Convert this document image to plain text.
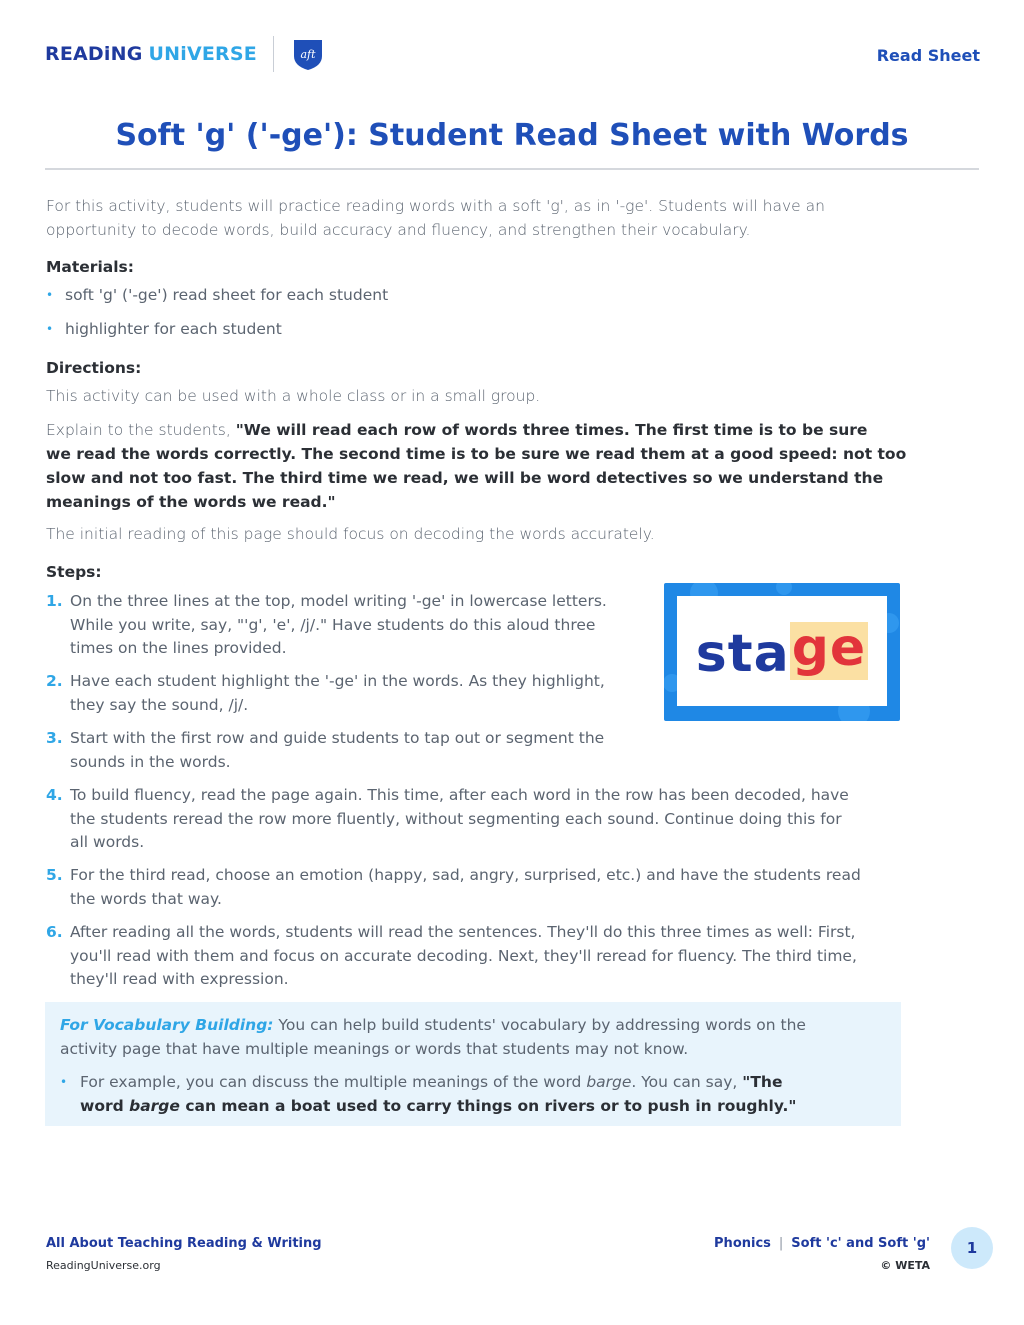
READiNG UNiVERSE	aft	Read Sheet
Soft 'g' ('-ge'): Student Read Sheet with Words
For this activity, students will practice reading words with a soft 'g', as in '-ge'. Students will have an
opportunity to decode words, build accuracy and fluency, and strengthen their vocabulary.
Materials:
• soft 'g' ('-ge') read sheet for each student
• highlighter for each student
Directions:
This activity can be used with a whole class or in a small group.
Explain to the students, "We will read each row of words three times. The first time is to be sure
we read the words correctly. The second time is to be sure we read them at a good speed: not too
slow and not too fast. The third time we read, we will be word detectives so we understand the
meanings of the words we read."
The initial reading of this page should focus on decoding the words accurately.
Steps:
1. On the three lines at the top, model writing '-ge' in lowercase letters.
While you write, say, "'g', 'e', /j/." Have students do this aloud three
times on the lines provided.
2. Have each student highlight the '-ge' in the words. As they highlight,
they say the sound, /j/.
3. Start with the first row and guide students to tap out or segment the
sounds in the words.
4. To build fluency, read the page again. This time, after each word in the row has been decoded, have
the students reread the row more fluently, without segmenting each sound. Continue doing this for
all words.
5. For the third read, choose an emotion (happy, sad, angry, surprised, etc.) and have the students read
the words that way.
6. After reading all the words, students will read the sentences. They'll do this three times as well: First,
you'll read with them and focus on accurate decoding. Next, they'll reread for fluency. The third time,
they'll read with expression.
sta ge
For Vocabulary Building: You can help build students' vocabulary by addressing words on the
activity page that have multiple meanings or words that students may not know.
• For example, you can discuss the multiple meanings of the word barge. You can say, "The
word barge can mean a boat used to carry things on rivers or to push in roughly."
All About Teaching Reading & Writing
ReadingUniverse.org
Phonics | Soft 'c' and Soft 'g'
© WETA
1
